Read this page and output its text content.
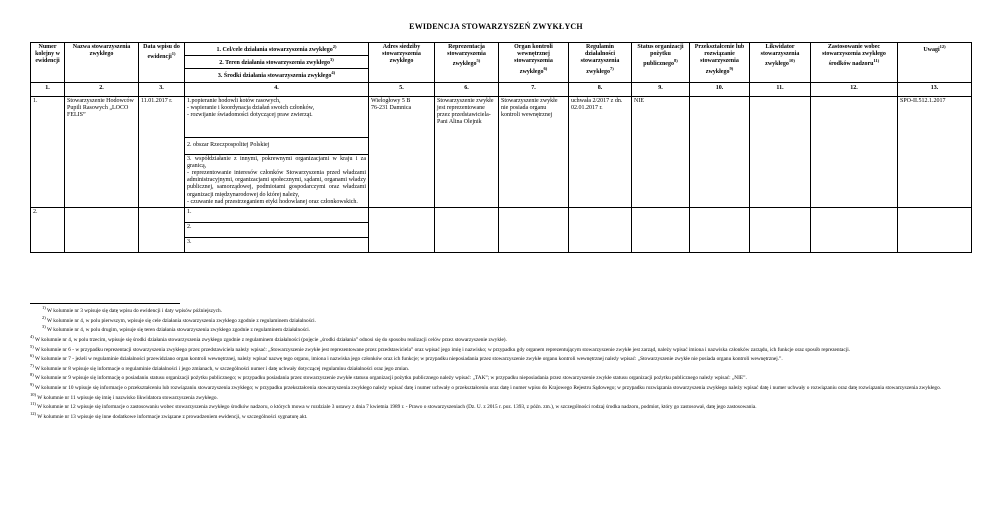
EWIDENCJA STOWARZYSZEŃ ZWYKŁYCH
Numer kolejny w ewidencji	Nazwa stowarzyszenia zwykłego	Data wpisu do ewidencji$^{1)}$	1. Cel/cele działania stowarzyszenia zwykłego$^{2)}$
2. Teren działania stowarzyszenia zwykłego$^{3)}$
3. Środki działania stowarzyszenia zwykłego$^{4)}$	Adres siedziby stowarzyszenia zwykłego	Reprezentacja stowarzyszenia zwykłego$^{5)}$	Organ kontroli wewnętrznej stowarzyszenia zwykłego$^{6)}$	Regulamin działalności stowarzyszenia zwykłego$^{7)}$	Status organizacji pożytku publicznego$^{8)}$	Przekształcenie lub rozwiązanie stowarzyszenia zwykłego$^{9)}$	Likwidator stowarzyszenia zwykłego$^{10)}$	Zastosowanie wobec stowarzyszenia zwykłego środków nadzoru$^{11)}$	Uwagi$^{12)}$
1.	2.	3.	4.	5.	6.	7.	8.	9.	10.	11.	12.	13.
1.	Stowarzyszenie Hodowców Pupili Rasowych „LOCO FELIS”	11.01.2017 r.	1.popieranie hodowli kotów rasowych,
- wspieranie i koordynacja działań swoich członków,
- rozwijanie świadomości dotyczącej praw zwierząt.	Wielogłowy 5 B
76-231 Damnica	Stowarzyszenie zwykłe jest reprezentowane przez przedstawiciela-Pani Alina Olejnik	Stowarzyszenie zwykłe nie posiada organu kontroli wewnętrznej	uchwała 2/2017 z dn. 02.01.2017 r.	NIE				SPO-II.512.1.2017
			2. obszar Rzeczpospolitej Polskiej									
			3. współdziałanie z innymi, pokrewnymi organizacjami w kraju i za granicą,
- reprezentowanie interesów członków Stowarzyszenia przed władzami administracyjnymi, organizacjami społecznymi, sądami, organami władzy publicznej, samorządowej, podmiotami gospodarczymi oraz władzami organizacji międzynarodowej do której należy,
- czuwanie nad przestrzeganiem etyki hodowlanej oraz członkowskich.									
2.			1.									
			2.									
			3.									
$^{1)}$ W kolumnie nr 3 wpisuje się datę wpisu do ewidencji i daty wpisów późniejszych.
$^{2)}$ W kolumnie nr 4, w polu pierwszym, wpisuje się cele działania stowarzyszenia zwykłego zgodnie z regulaminem działalności.
$^{3)}$ W kolumnie nr 4, w polu drugim, wpisuje się teren działania stowarzyszenia zwykłego zgodnie z regulaminem działalności.
$^{4)}$ W kolumnie nr 4, w polu trzecim, wpisuje się środki działania stowarzyszenia zwykłego zgodnie z regulaminem działalności (pojęcie „środki działania” odnosi się do sposobu realizacji celów przez stowarzyszenie zwykłe).
$^{5)}$ W kolumnie nr 6 - w przypadku reprezentacji stowarzyszenia zwykłego przez przedstawiciela należy wpisać: „Stowarzyszenie zwykłe jest reprezentowane przez przedstawiciela” oraz wpisać jego imię i nazwisko; w przypadku gdy organem reprezentującym stowarzyszenie zwykłe jest zarząd, należy wpisać imiona i nazwiska członków zarządu, ich funkcje oraz sposób reprezentacji.
$^{6)}$ W kolumnie nr 7 - jeżeli w regulaminie działalności przewidziano organ kontroli wewnętrznej, należy wpisać nazwę tego organu, imiona i nazwiska jego członków oraz ich funkcje; w przypadku nieposiadania przez stowarzyszenie zwykłe organu kontroli wewnętrznej należy wpisać: „Stowarzyszenie zwykłe nie posiada organu kontroli wewnętrznej.”.
$^{7)}$ W kolumnie nr 8 wpisuje się informacje o regulaminie działalności i jego zmianach, w szczególności numer i datę uchwały dotyczącej regulaminu działalności oraz jego zmian.
$^{8)}$ W kolumnie nr 9 wpisuje się informację o posiadaniu statusu organizacji pożytku publicznego; w przypadku posiadania przez stowarzyszenie zwykłe statusu organizacji pożytku publicznego należy wpisać: „TAK”; w przypadku nieposiadania przez stowarzyszenie zwykłe statusu organizacji pożytku publicznego należy wpisać: „NIE”.
$^{9)}$ W kolumnie nr 10 wpisuje się informacje o przekształceniu lub rozwiązaniu stowarzyszenia zwykłego; w przypadku przekształcenia stowarzyszenia zwykłego należy wpisać datę i numer uchwały o przekształceniu oraz datę i numer wpisu do Krajowego Rejestru Sądowego; w przypadku rozwiązania stowarzyszenia zwykłego należy wpisać datę i numer uchwały o rozwiązaniu oraz datę rozwiązania stowarzyszenia zwykłego.
$^{10)}$ W kolumnie nr 11 wpisuje się imię i nazwisko likwidatora stowarzyszenia zwykłego.
$^{11)}$ W kolumnie nr 12 wpisuje się informacje o zastosowaniu wobec stowarzyszenia zwykłego środków nadzoru, o których mowa w rozdziale 3 ustawy z dnia 7 kwietnia 1989 r. - Prawo o stowarzyszeniach (Dz. U. z 2015 r. poz. 1393, z późn. zm.), w szczególności rodzaj środka nadzoru, podmiot, który go zastosował, datę jego zastosowania.
$^{12)}$ W kolumnie nr 13 wpisuje się inne dodatkowe informacje związane z prowadzeniem ewidencji, w szczególności sygnaturę akt.
